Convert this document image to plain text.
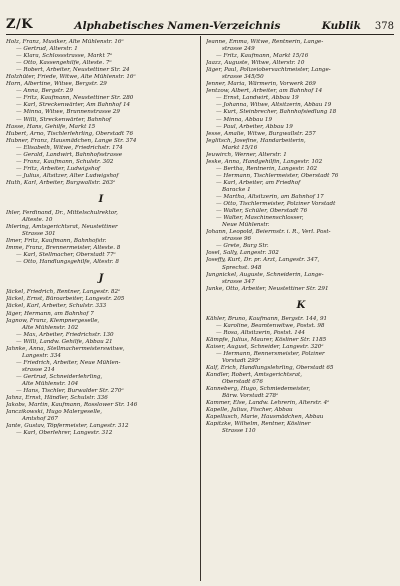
Z/K	Alphabetisches Namen-Verzeichnis	Kublik 378
Holz, Franz, Musiker, Alte Mühlenstr. 16ᵃ
— Gertrud, Alterstr. 1
— Klara, Schlossstrasse, Markt 7ᵃ
— Otto, Kassengehilfe, Alteste. 7ᵃ
— Robert, Arbeiter, Neustettiner Str. 24
Holzhüter, Friede, Witwe, Alte Mühlenstr. 16ᵃ
Horn, Albertine, Witwe, Bergstr. 29
— Anna, Bergstr. 29
— Fritz, Kaufmann, Neustettiner Str. 280
— Karl, Streckenwärter, Am Bahnhof 14
— Minna, Witwe, Brunnenstrasse 29
— Willi, Streckenwärter, Bahnhof
Hasse, Hans, Gehilfe, Markt 15
Hubert, Arno, Tischlerlehrling, Oberstadt 76
Hubner, Franz, Hausmädchen, Lange Str. 374
— Elisabeth, Witwe, Friedrichstr. 174
— Gerald, Landwirt, Bahnhofsstrasse
— Franz, Kaufmann, Schulstr. 302
— Fritz, Arbeiter, Ludwigshof
— Julius, Altsitzer, Alter Ludwigshof
Huth, Karl, Arbeiter, Burgwallstr. 263ᵃ
I
Ihler, Ferdinand, Dr., Mittelschulrektor,
Alteste. 10
Ihlering, Amtsgerichtsrat, Neustettiner
Strasse 301
Ilmer, Fritz, Kaufmann, Bahnhofstr.
Imme, Franz, Brennermeister, Alteste. 8
— Karl, Stellmacher, Oberstadt 77ᵃ
— Otto, Handlungsgehilfe, Altestr. 8
J
Jäckel, Friedrich, Rentner, Langestr. 82ᵃ
Jäckel, Ernst, Büroarbeiter, Langestr. 205
Jäckel, Karl, Arbeiter, Schulstr. 333
Jäger, Hermann, am Bahnhof 7
Jagnow, Franz, Klempnergeselle,
Alte Mühlenstr. 102
— Max, Arbeiter, Friedrichstr. 130
— Willi, Landw. Gehilfe, Abbau 21
Jahnke, Anna, Stellmachermeisterswitwe,
Langestr. 334
— Friedrich, Arbeiter, Neue Mühlen-
strasse 214
— Gertrud, Schneiderlehrling,
Alte Mühlenstr. 104
— Hans, Tischler, Burwalder Str. 270ᵃ
Jahnz, Ernst, Händler, Schulstr. 336
Jakobs, Martin, Kaufmann, Rosslower Str. 146
Janczikowski, Hugo Malergeselle,
Amtshof 267
Jante, Gustav, Töpfermeister, Langestr. 312
— Karl, Oberlehrer, Langestr. 312
Jeanne, Emma, Witwe, Rentnerin, Lange-
strasse 249
— Fritz, Kaufmann, Markt 15/16
Jaazz, Auguste, Witwe, Alterstr. 10
Jäger, Paul, Polizeiobervachtmeister, Lange-
strasse 345/50
Jenner, Maria, Wärmerin, Vorwerk 269
Jentzow, Albert, Arbeiter, am Bahnhof 14
— Ernst, Landwirt, Abbau 19
— Johanna, Witwe, Altsitzerin, Abbau 19
— Kurt, Steinbrecher, Bahnhofsiedlung 18
— Minna, Abbau 19
— Paul, Arbeiter, Abbau 19
Jesse, Amalie, Witwe, Burgwallstr. 257
Jeglitsch, Josefine, Handarbeiterin,
Markt 15/16
Jeuwirch, Werner, Alterstr. 1
Jeske, Anna, Handgehilfin, Langestr. 102
— Bertha, Rentnerin, Langestr. 102
— Hermann, Tischlermeister, Oberstadt 76
— Karl, Arbeiter, am Friedhof
Baracke 1
— Martha, Altsitzerin, am Bahnhof 17
— Otto, Tischlermeister, Polziner Vorstadt
— Walter, Schüler, Oberstadt 76
— Walter, Maschinenschlosser,
Neue Mühlenstr.
Johann, Leopold, Beiermstr. i. R., Verl. Post-
strasse 96
— Grete, Burg Str.
Josel, Sally, Langestr. 302
Joseffy, Kurt, Dr. pr. Arzt, Langestr. 347,
Sprechst. 948
Jungnickel, Auguste, Schneiderin, Lange-
strasse 347
Junke, Otto, Arbeiter, Neustettiner Str. 291
K
Kähler, Bruno, Kaufmann, Bergstr. 144, 91
— Karoline, Beamtenwitwe, Postst. 98
— Rosa, Altsitzerin, Postst. 144
Kämpfe, Julius, Maurer, Kösliner Str. 1185
Kaiser, August, Schneider, Langestr. 320ᵃ
— Hermann, Rennersmeister, Polziner
Vorstadt 295ᵃ
Kalf, Erich, Handlungslehrling, Oberstadt 65
Kandler, Robert, Amtsgerichtsrat,
Oberstadt 676
Kanneberg, Hugo, Schmiedemeister,
Bärw. Vorstadt 278ᵃ
Kammer, Else, Landw. Lehrerin, Alterstr. 4ᵃ
Kapelle, Julius, Fischer, Abbau
Kapellusch, Marie, Hausmädchen, Abbau
Kapitzke, Wilhelm, Rentner, Kösliner
Strasse 110
